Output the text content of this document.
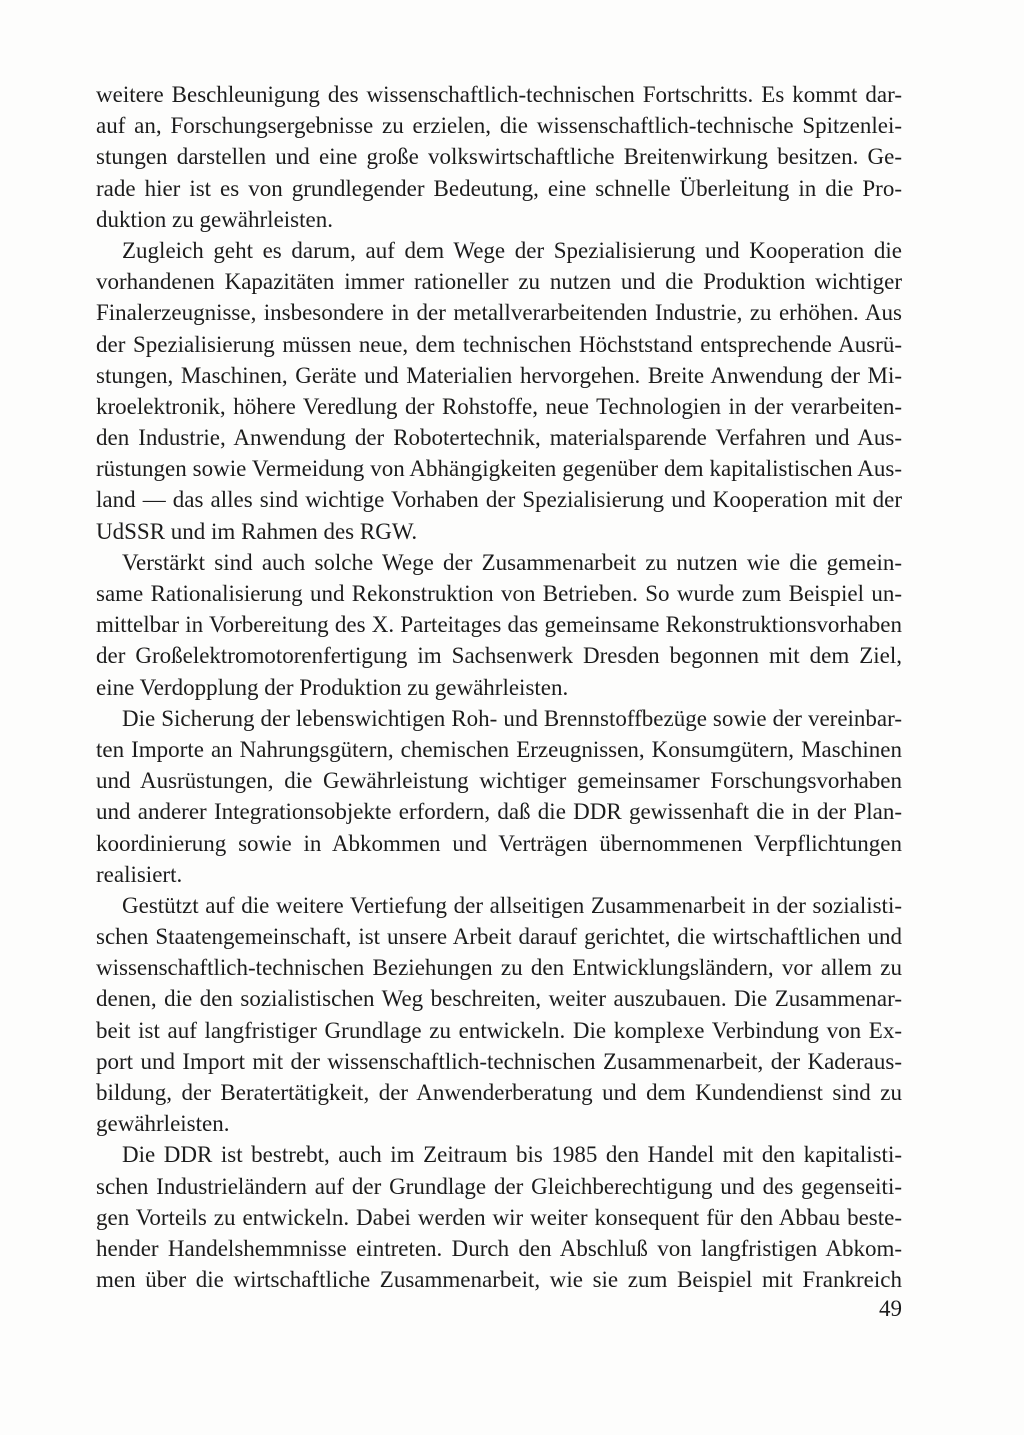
weitere Beschleunigung des wissenschaftlich-technischen Fortschritts. Es kommt dar-
auf an, Forschungsergebnisse zu erzielen, die wissenschaftlich-technische Spitzenlei-
stungen darstellen und eine große volkswirtschaftliche Breitenwirkung besitzen. Ge-
rade hier ist es von grundlegender Bedeutung, eine schnelle Überleitung in die Pro-
duktion zu gewährleisten.
Zugleich geht es darum, auf dem Wege der Spezialisierung und Kooperation die
vorhandenen Kapazitäten immer rationeller zu nutzen und die Produktion wichtiger
Finalerzeugnisse, insbesondere in der metallverarbeitenden Industrie, zu erhöhen. Aus
der Spezialisierung müssen neue, dem technischen Höchststand entsprechende Ausrü-
stungen, Maschinen, Geräte und Materialien hervorgehen. Breite Anwendung der Mi-
kroelektronik, höhere Veredlung der Rohstoffe, neue Technologien in der verarbeiten-
den Industrie, Anwendung der Robotertechnik, materialsparende Verfahren und Aus-
rüstungen sowie Vermeidung von Abhängigkeiten gegenüber dem kapitalistischen Aus-
land — das alles sind wichtige Vorhaben der Spezialisierung und Kooperation mit der
UdSSR und im Rahmen des RGW.
Verstärkt sind auch solche Wege der Zusammenarbeit zu nutzen wie die gemein-
same Rationalisierung und Rekonstruktion von Betrieben. So wurde zum Beispiel un-
mittelbar in Vorbereitung des X. Parteitages das gemeinsame Rekonstruktionsvorhaben
der Großelektromotorenfertigung im Sachsenwerk Dresden begonnen mit dem Ziel,
eine Verdopplung der Produktion zu gewährleisten.
Die Sicherung der lebenswichtigen Roh- und Brennstoffbezüge sowie der vereinbar-
ten Importe an Nahrungsgütern, chemischen Erzeugnissen, Konsumgütern, Maschinen
und Ausrüstungen, die Gewährleistung wichtiger gemeinsamer Forschungsvorhaben
und anderer Integrationsobjekte erfordern, daß die DDR gewissenhaft die in der Plan-
koordinierung sowie in Abkommen und Verträgen übernommenen Verpflichtungen
realisiert.
Gestützt auf die weitere Vertiefung der allseitigen Zusammenarbeit in der sozialisti-
schen Staatengemeinschaft, ist unsere Arbeit darauf gerichtet, die wirtschaftlichen und
wissenschaftlich-technischen Beziehungen zu den Entwicklungsländern, vor allem zu
denen, die den sozialistischen Weg beschreiten, weiter auszubauen. Die Zusammenar-
beit ist auf langfristiger Grundlage zu entwickeln. Die komplexe Verbindung von Ex-
port und Import mit der wissenschaftlich-technischen Zusammenarbeit, der Kaderaus-
bildung, der Beratertätigkeit, der Anwenderberatung und dem Kundendienst sind zu
gewährleisten.
Die DDR ist bestrebt, auch im Zeitraum bis 1985 den Handel mit den kapitalisti-
schen Industrieländern auf der Grundlage der Gleichberechtigung und des gegenseiti-
gen Vorteils zu entwickeln. Dabei werden wir weiter konsequent für den Abbau beste-
hender Handelshemmnisse eintreten. Durch den Abschluß von langfristigen Abkom-
men über die wirtschaftliche Zusammenarbeit, wie sie zum Beispiel mit Frankreich
49
